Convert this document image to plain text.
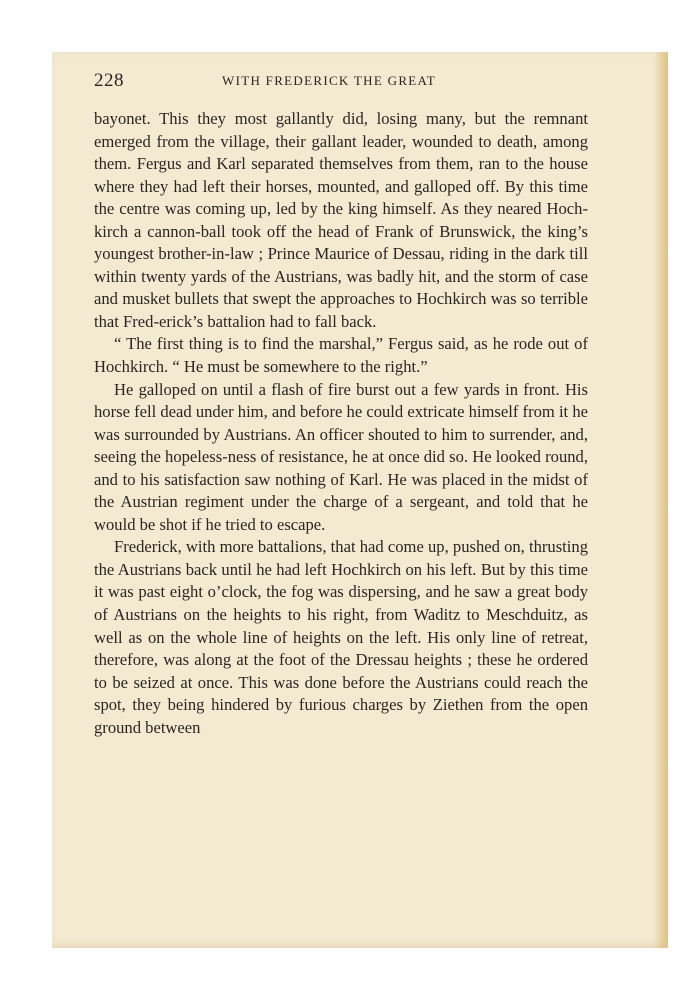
228	WITH FREDERICK THE GREAT

bayonet. This they most gallantly did, losing many, but the remnant emerged from the village, their gallant leader, wounded to death, among them. Fergus and Karl separated themselves from them, ran to the house where they had left their horses, mounted, and galloped off. By this time the centre was coming up, led by the king himself. As they neared Hoch-kirch a cannon-ball took off the head of Frank of Brunswick, the king’s youngest brother-in-law ; Prince Maurice of Dessau, riding in the dark till within twenty yards of the Austrians, was badly hit, and the storm of case and musket bullets that swept the approaches to Hochkirch was so terrible that Fred-erick’s battalion had to fall back.

“ The first thing is to find the marshal,” Fergus said, as he rode out of Hochkirch. “ He must be somewhere to the right.”

He galloped on until a flash of fire burst out a few yards in front. His horse fell dead under him, and before he could extricate himself from it he was surrounded by Austrians. An officer shouted to him to surrender, and, seeing the hopeless-ness of resistance, he at once did so. He looked round, and to his satisfaction saw nothing of Karl. He was placed in the midst of the Austrian regiment under the charge of a sergeant, and told that he would be shot if he tried to escape.

Frederick, with more battalions, that had come up, pushed on, thrusting the Austrians back until he had left Hochkirch on his left. But by this time it was past eight o’clock, the fog was dispersing, and he saw a great body of Austrians on the heights to his right, from Waditz to Meschduitz, as well as on the whole line of heights on the left. His only line of retreat, therefore, was along at the foot of the Dressau heights ; these he ordered to be seized at once. This was done before the Austrians could reach the spot, they being hindered by furious charges by Ziethen from the open ground between
